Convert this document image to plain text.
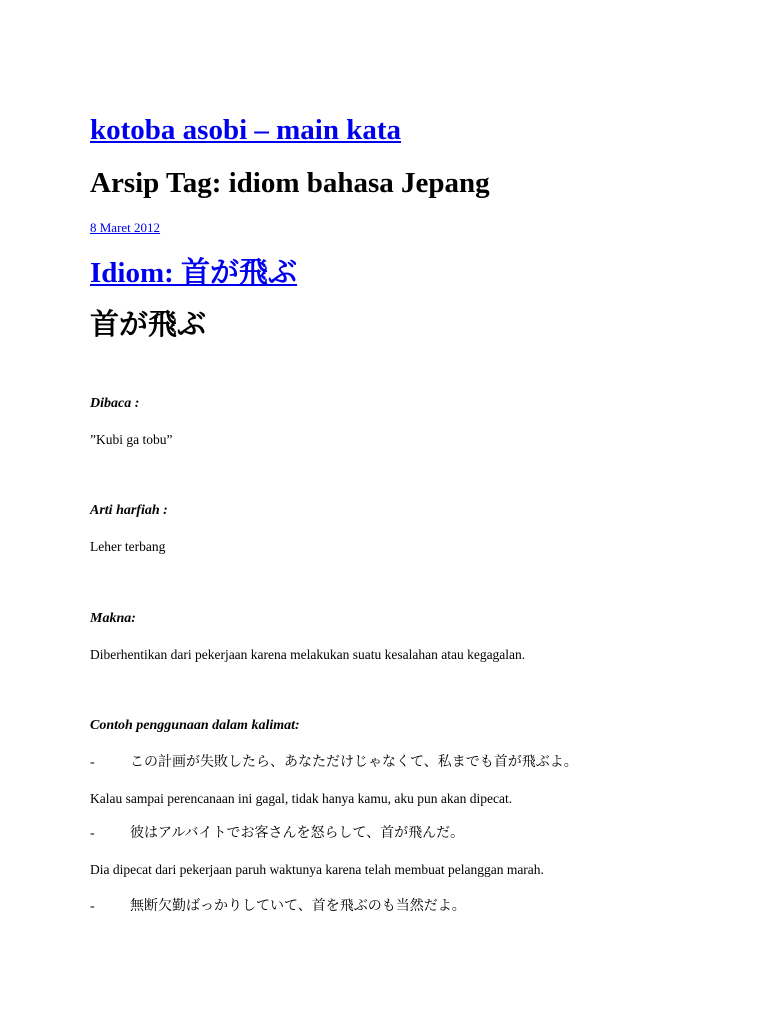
kotoba asobi – main kata
Arsip Tag: idiom bahasa Jepang
8 Maret 2012
Idiom: 首が飛ぶ
首が飛ぶ
Dibaca :
”Kubi ga tobu”
Arti harfiah :
Leher terbang
Makna:
Diberhentikan dari pekerjaan karena melakukan suatu kesalahan atau kegagalan.
Contoh penggunaan dalam kalimat:
-	この計画が失敗したら、あなただけじゃなくて、私までも首が飛ぶよ。
Kalau sampai perencanaan ini gagal, tidak hanya kamu, aku pun akan dipecat.
-	彼はアルバイトでお客さんを怒らして、首が飛んだ。
Dia dipecat dari pekerjaan paruh waktunya karena telah membuat pelanggan marah.
-	無断欠勤ばっかりしていて、首を飛ぶのも当然だよ。
